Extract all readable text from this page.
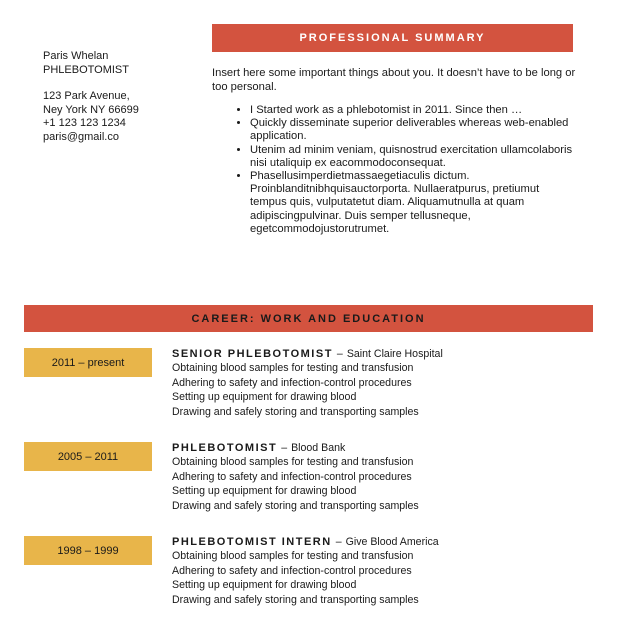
Paris Whelan
PHLEBOTOMIST
123 Park Avenue,
Ney York NY 66699
+1 123 123 1234
paris@gmail.co
PROFESSIONAL SUMMARY
Insert here some important things about you. It doesn’t have to be long or too personal.
• I Started work as a phlebotomist in 2011. Since then …
• Quickly disseminate superior deliverables whereas web-enabled application.
• Utenim ad minim veniam, quisnostrud exercitation ullamcolaboris nisi utaliquip ex eacommodoconsequat.
• Phasellusimperdietmassaegetiaculis dictum. Proinblanditnibhquisauctorporta. Nullaeratpurus, pretiumut tempus quis, vulputatetut diam. Aliquamutnulla at quam adipiscingpulvinar. Duis semper tellusneque, egetcommodojustorutrumet.
CAREER: WORK AND EDUCATION
2011 – present
SENIOR PHLEBOTOMIST – Saint Claire Hospital
Obtaining blood samples for testing and transfusion
Adhering to safety and infection-control procedures
Setting up equipment for drawing blood
Drawing and safely storing and transporting samples
2005 – 2011
PHLEBOTOMIST – Blood Bank
Obtaining blood samples for testing and transfusion
Adhering to safety and infection-control procedures
Setting up equipment for drawing blood
Drawing and safely storing and transporting samples
1998 – 1999
PHLEBOTOMIST INTERN – Give Blood America
Obtaining blood samples for testing and transfusion
Adhering to safety and infection-control procedures
Setting up equipment for drawing blood
Drawing and safely storing and transporting samples
